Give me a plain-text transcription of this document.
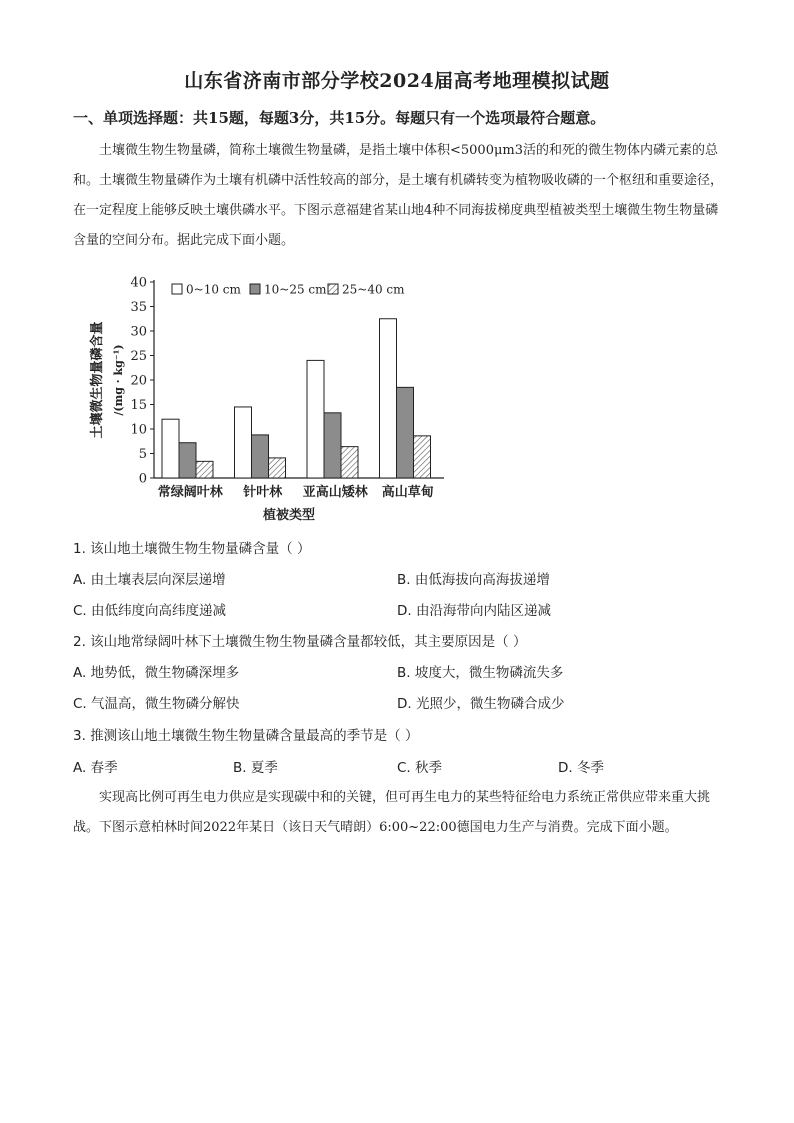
山东省济南市部分学校2024届高考地理模拟试题
一、单项选择题：共15题，每题3分，共15分。每题只有一个选项最符合题意。

土壤微生物生物量磷，简称土壤微生物量磷，是指土壤中体积<5000μm3活的和死的微生物体内磷元素的总和。土壤微生物量磷作为土壤有机磷中活性较高的部分，是土壤有机磷转变为植物吸收磷的一个枢纽和重要途径，在一定程度上能够反映土壤供磷水平。下图示意福建省某山地4种不同海拔梯度典型植被类型土壤微生物生物量磷含量的空间分布。据此完成下面小题。

0
5
10
15
20
25
30
35
40
土壤微生物量磷含量 /(mg · kg⁻¹)
常绿阔叶林 针叶林 亚高山矮林 高山草甸
植被类型
0~10 cm 10~25 cm 25~40 cm
1. 该山地土壤微生物生物量磷含量（ ）
A. 由土壤表层向深层递增	B. 由低海拔向高海拔递增
C. 由低纬度向高纬度递减	D. 由沿海带向内陆区递减
2. 该山地常绿阔叶林下土壤微生物生物量磷含量都较低，其主要原因是（ ）
A. 地势低，微生物磷深埋多	B. 坡度大，微生物磷流失多
C. 气温高，微生物磷分解快	D. 光照少，微生物磷合成少
3. 推测该山地土壤微生物生物量磷含量最高的季节是（ ）
A. 春季	B. 夏季	C. 秋季	D. 冬季

实现高比例可再生电力供应是实现碳中和的关键，但可再生电力的某些特征给电力系统正常供应带来重大挑战。下图示意柏林时间2022年某日（该日天气晴朗）6:00~22:00德国电力生产与消费。完成下面小题。
